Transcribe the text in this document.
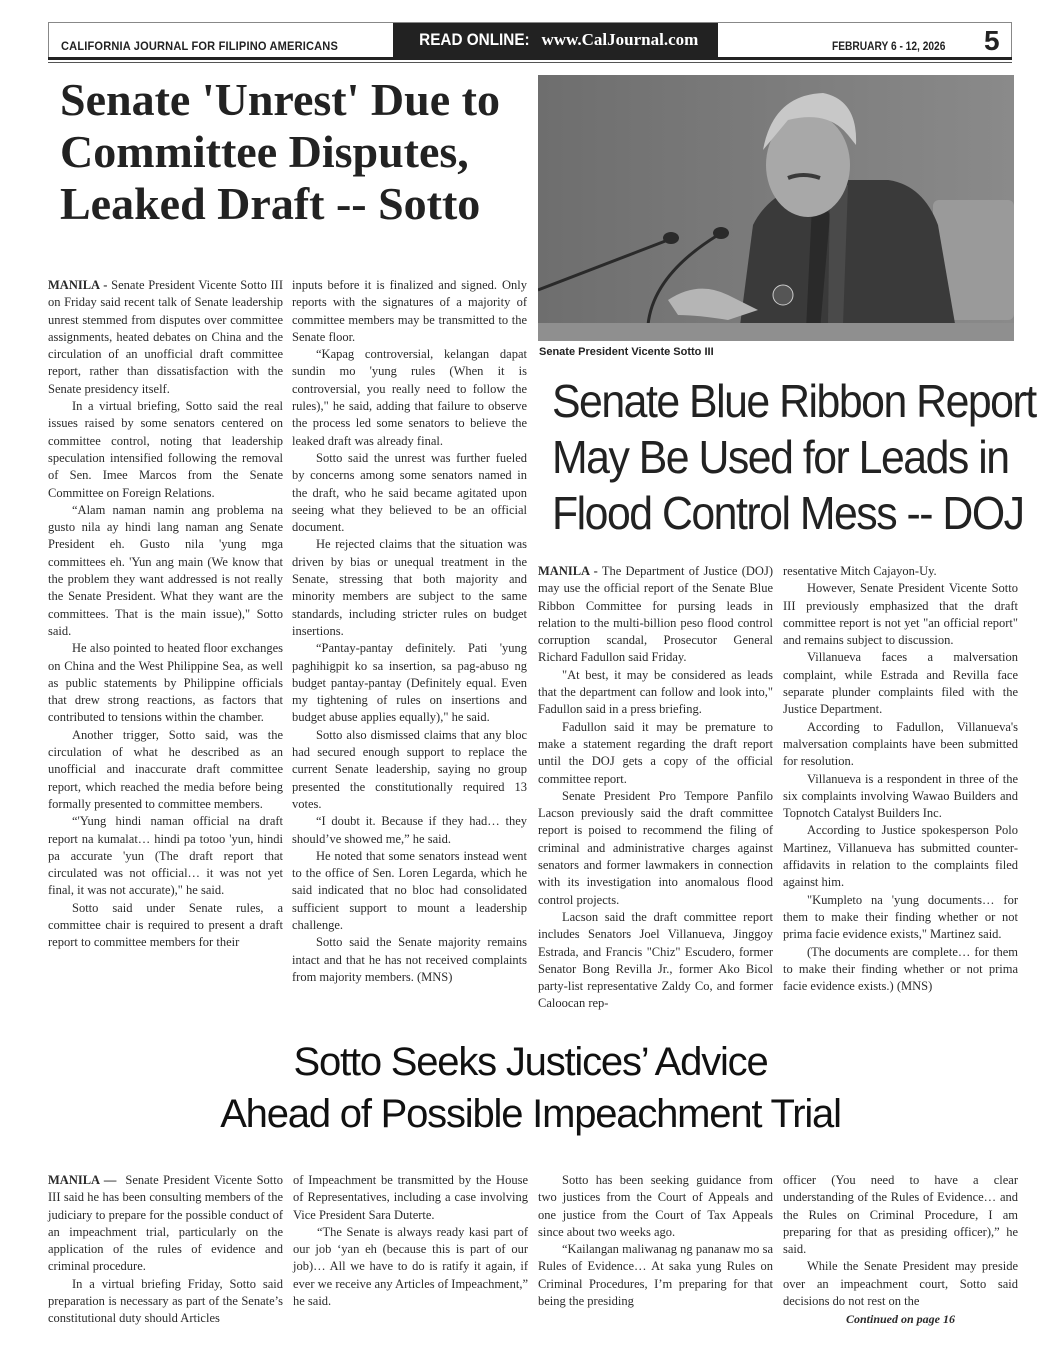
CALIFORNIA JOURNAL FOR FILIPINO AMERICANS	READ ONLINE: www.CalJournal.com	FEBRUARY 6 - 12, 2026 5
Senate 'Unrest' Due to Committee Disputes, Leaked Draft -- Sotto

MANILA - Senate President Vicente Sotto III on Friday said recent talk of Senate leadership unrest stemmed from disputes over committee assignments, heated debates on China and the circulation of an unofficial draft committee report, rather than dissatisfaction with the Senate presidency itself.

In a virtual briefing, Sotto said the real issues raised by some senators centered on committee control, noting that leadership speculation intensified following the removal of Sen. Imee Marcos from the Senate Committee on Foreign Relations.

“Alam naman namin ang problema na gusto nila ay hindi lang naman ang Senate President eh. Gusto nila 'yung mga committees eh. 'Yun ang main (We know that the problem they want addressed is not really the Senate President. What they want are the committees. That is the main issue)," Sotto said.

He also pointed to heated floor exchanges on China and the West Philippine Sea, as well as public statements by Philippine officials that drew strong reactions, as factors that contributed to tensions within the chamber.

Another trigger, Sotto said, was the circulation of what he described as an unofficial and inaccurate draft committee report, which reached the media before being formally presented to committee members.

“'Yung hindi naman official na draft report na kumalat… hindi pa totoo 'yun, hindi pa accurate 'yun (The draft report that circulated was not official… it was not yet final, it was not accurate)," he said.

Sotto said under Senate rules, a committee chair is required to present a draft report to committee members for their

inputs before it is finalized and signed. Only reports with the signatures of a majority of committee members may be transmitted to the Senate floor.

“Kapag controversial, kelangan dapat sundin mo 'yung rules (When it is controversial, you really need to follow the rules)," he said, adding that failure to observe the process led some senators to believe the leaked draft was already final.

Sotto said the unrest was further fueled by concerns among some senators named in the draft, who he said became agitated upon seeing what they believed to be an official document.

He rejected claims that the situation was driven by bias or unequal treatment in the Senate, stressing that both majority and minority members are subject to the same standards, including stricter rules on budget insertions.

“Pantay-pantay definitely. Pati 'yung paghihigpit ko sa insertion, sa pag-abuso ng budget pantay-pantay (Definitely equal. Even my tightening of rules on insertions and budget abuse applies equally)," he said.

Sotto also dismissed claims that any bloc had secured enough support to replace the current Senate leadership, saying no group presented the constitutionally required 13 votes.

“I doubt it. Because if they had… they should’ve showed me,” he said.

He noted that some senators instead went to the office of Sen. Loren Legarda, which he said indicated that no bloc had consolidated sufficient support to mount a leadership challenge.

Sotto said the Senate majority remains intact and that he has not received complaints from majority members. (MNS)

Senate President Vicente Sotto III
Senate Blue Ribbon Report
May Be Used for Leads in
Flood Control Mess -- DOJ

MANILA - The Department of Justice (DOJ) may use the official report of the Senate Blue Ribbon Committee for pursing leads in relation to the multi-billion peso flood control corruption scandal, Prosecutor General Richard Fadullon said Friday.

"At best, it may be considered as leads that the department can follow and look into," Fadullon said in a press briefing.

Fadullon said it may be premature to make a statement regarding the draft report until the DOJ gets a copy of the official committee report.

Senate President Pro Tempore Panfilo Lacson previously said the draft committee report is poised to recommend the filing of criminal and administrative charges against senators and former lawmakers in connection with its investigation into anomalous flood control projects.

Lacson said the draft committee report includes Senators Joel Villanueva, Jinggoy Estrada, and Francis "Chiz" Escudero, former Senator Bong Revilla Jr., former Ako Bicol party-list representative Zaldy Co, and former Caloocan rep-

resentative Mitch Cajayon-Uy.

However, Senate President Vicente Sotto III previously emphasized that the draft committee report is not yet "an official report" and remains subject to discussion.

Villanueva faces a malversation complaint, while Estrada and Revilla face separate plunder complaints filed with the Justice Department.

According to Fadullon, Villanueva's malversation complaints have been submitted for resolution.

Villanueva is a respondent in three of the six complaints involving Wawao Builders and Topnotch Catalyst Builders Inc.

According to Justice spokesperson Polo Martinez, Villanueva has submitted counter-affidavits in relation to the complaints filed against him.

"Kumpleto na 'yung documents… for them to make their finding whether or not prima facie evidence exists," Martinez said.

(The documents are complete… for them to make their finding whether or not prima facie evidence exists.) (MNS)

Sotto Seeks Justices’ Advice
Ahead of Possible Impeachment Trial

MANILA — Senate President Vicente Sotto III said he has been consulting members of the judiciary to prepare for the possible conduct of an impeachment trial, particularly on the application of the rules of evidence and criminal procedure.

In a virtual briefing Friday, Sotto said preparation is necessary as part of the Senate’s constitutional duty should Articles

of Impeachment be transmitted by the House of Representatives, including a case involving Vice President Sara Duterte.

“The Senate is always ready kasi part of our job ‘yan eh (because this is part of our job)… All we have to do is ratify it again, if ever we receive any Articles of Impeachment,” he said.

Sotto has been seeking guidance from two justices from the Court of Appeals and one justice from the Court of Tax Appeals since about two weeks ago.

“Kailangan maliwanag ng pananaw mo sa Rules of Evidence… At saka yung Rules on Criminal Procedures, I’m preparing for that being the presiding

officer (You need to have a clear understanding of the Rules of Evidence… and the Rules on Criminal Procedure, I am preparing for that as presiding officer),” he said.

While the Senate President may preside over an impeachment court, Sotto said decisions do not rest on the

Continued on page 16
